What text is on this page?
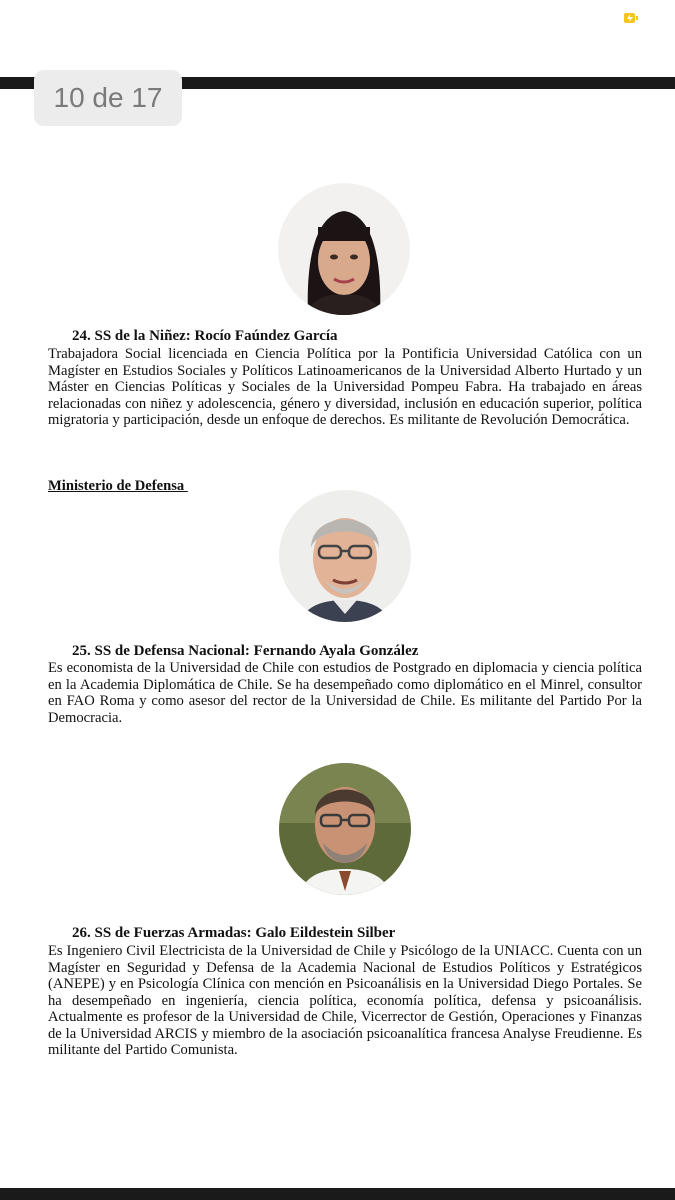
10 de 17
24. SS de la Niñez: Rocío Faúndez García

Trabajadora Social licenciada en Ciencia Política por la Pontificia Universidad Católica con un Magíster en Estudios Sociales y Políticos Latinoamericanos de la Universidad Alberto Hurtado y un Máster en Ciencias Políticas y Sociales de la Universidad Pompeu Fabra. Ha trabajado en áreas relacionadas con niñez y adolescencia, género y diversidad, inclusión en educación superior, política migratoria y participación, desde un enfoque de derechos. Es militante de Revolución Democrática.

Ministerio de Defensa
25. SS de Defensa Nacional: Fernando Ayala González

Es economista de la Universidad de Chile con estudios de Postgrado en diplomacia y ciencia política en la Academia Diplomática de Chile. Se ha desempeñado como diplomático en el Minrel, consultor en FAO Roma y como asesor del rector de la Universidad de Chile. Es militante del Partido Por la Democracia.

26. SS de Fuerzas Armadas: Galo Eildestein Silber

Es Ingeniero Civil Electricista de la Universidad de Chile y Psicólogo de la UNIACC. Cuenta con un Magíster en Seguridad y Defensa de la Academia Nacional de Estudios Políticos y Estratégicos (ANEPE) y en Psicología Clínica con mención en Psicoanálisis en la Universidad Diego Portales. Se ha desempeñado en ingeniería, ciencia política, economía política, defensa y psicoanálisis. Actualmente es profesor de la Universidad de Chile, Vicerrector de Gestión, Operaciones y Finanzas de la Universidad ARCIS y miembro de la asociación psicoanalítica francesa Analyse Freudienne. Es militante del Partido Comunista.
